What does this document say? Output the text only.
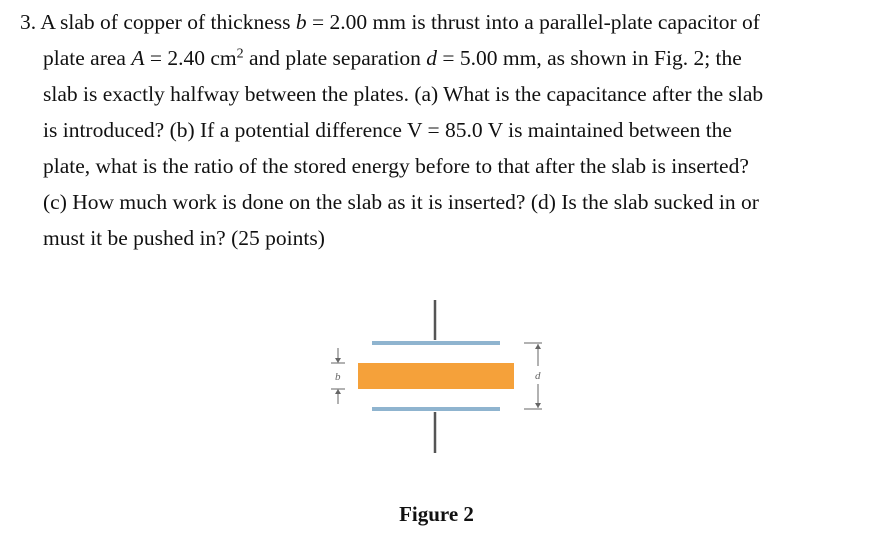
3. A slab of copper of thickness b = 2.00 mm is thrust into a parallel-plate capacitor of
plate area A = 2.40 $cm^2$ and plate separation d = 5.00 mm, as shown in Fig. 2; the
slab is exactly halfway between the plates. (a) What is the capacitance after the slab
is introduced? (b) If a potential difference V = 85.0 V is maintained between the
plate, what is the ratio of the stored energy before to that after the slab is inserted?
(c) How much work is done on the slab as it is inserted? (d) Is the slab sucked in or
must it be pushed in? (25 points)
b	d
Figure 2
